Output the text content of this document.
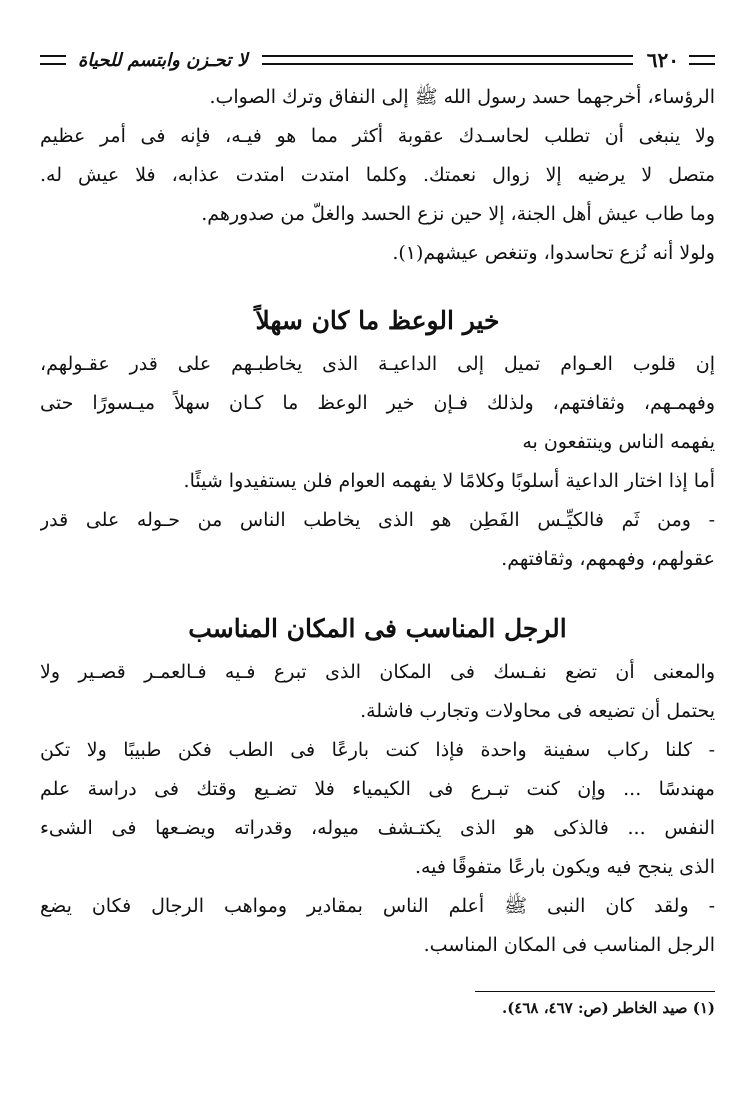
٦٢٠
لا تحـزن وابتسم للحياة
الرؤساء، أخرجهما حسد رسول الله ﷺ إلى النفاق وترك الصواب.
ولا ينبغى أن تطلب لحاسـدك عقوبة أكثر مما هو فيـه، فإنه فى أمر عظيم
متصل لا يرضيه إلا زوال نعمتك. وكلما امتدت امتدت عذابه، فلا عيش له.
وما طاب عيش أهل الجنة، إلا حين نزع الحسد والغلّ من صدورهم.
ولولا أنه نُزع تحاسدوا، وتنغص عيشهم(١).
خير الوعظ ما كان سهلاً
إن قلوب العـوام تميل إلى الداعيـة الذى يخاطبـهم على قدر عقـولهم،
وفهمـهم، وثقافتهم، ولذلك فـإن خير الوعظ ما كـان سهلاً ميـسورًا حتى
يفهمه الناس وينتفعون به
أما إذا اختار الداعية أسلوبًا وكلامًا لا يفهمه العوام فلن يستفيدوا شيئًا.
- ومن ثَم فالكيِّـس الفَطِن هو الذى يخاطب الناس من حـوله على قدر
عقولهم، وفهمهم، وثقافتهم.
الرجل المناسب فى المكان المناسب
والمعنى أن تضع نفـسك فى المكان الذى تبرع فـيه فـالعمـر قصـير ولا
يحتمل أن تضيعه فى محاولات وتجارب فاشلة.
- كلنا ركاب سفينة واحدة فإذا كنت بارعًا فى الطب فكن طبيبًا ولا تكن
مهندسًا ... وإن كنت تبـرع فى الكيمياء فلا تضـيع وقتك فى دراسة علم
النفس ... فالذكى هو الذى يكتـشف ميوله، وقدراته ويضـعها فى الشىء
الذى ينجح فيه ويكون بارعًا متفوقًا فيه.
- ولقد كان النبى ﷺ أعلم الناس بمقادير ومواهب الرجال فكان يضع
الرجل المناسب فى المكان المناسب.
(١) صيد الخاطر (ص: ٤٦٧، ٤٦٨).
